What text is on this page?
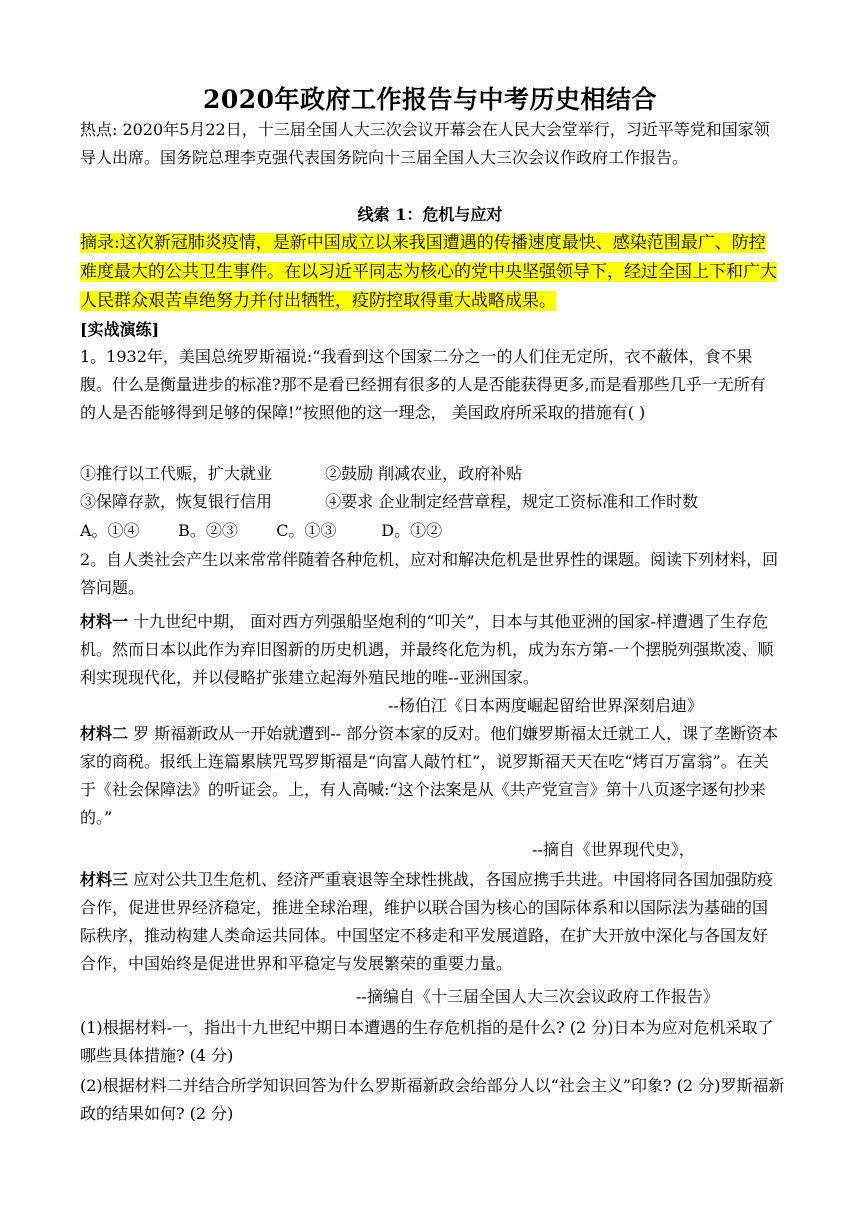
2020年政府工作报告与中考历史相结合
热点: 2020年5月22日，十三届全国人大三次会议开幕会在人民大会堂举行，习近平等党和国家领导人出席。国务院总理李克强代表国务院向十三届全国人大三次会议作政府工作报告。
线索 1：危机与应对
摘录:这次新冠肺炎疫情，是新中国成立以来我国遭遇的传播速度最快、感染范围最广、防控难度最大的公共卫生事件。在以习近平同志为核心的党中央坚强领导下，经过全国上下和广大人民群众艰苦卓绝努力并付出牺牲，疫防控取得重大战略成果。
[实战演练]
1。1932年，美国总统罗斯福说:“我看到这个国家二分之一的人们住无定所，衣不蔽体，食不果腹。什么是衡量进步的标准?那不是看已经拥有很多的人是否能获得更多,而是看那些几乎一无所有的人是否能够得到足够的保障!”按照他的这一理念， 美国政府所采取的措施有( )
①推行以工代赈，扩大就业	②鼓励 削减农业，政府补贴
③保障存款，恢复银行信用	④要求 企业制定经营章程，规定工资标准和工作时数
A。①④ B。②③ C。①③	D。①②
2。自人类社会产生以来常常伴随着各种危机，应对和解决危机是世界性的课题。阅读下列材料，回答问题。
材料一 十九世纪中期， 面对西方列强船坚炮利的“叩关”，日本与其他亚洲的国家-样遭遇了生存危机。然而日本以此作为弃旧图新的历史机遇，并最终化危为机，成为东方第-一个摆脱列强欺凌、顺利实现现代化，并以侵略扩张建立起海外殖民地的唯--亚洲国家。
--杨伯江《日本两度崛起留给世界深刻启迪》
材料二 罗 斯福新政从一开始就遭到-- 部分资本家的反对。他们嫌罗斯福太迁就工人，课了垄断资本家的商税。报纸上连篇累牍咒骂罗斯福是“向富人敲竹杠”，说罗斯福天天在吃“烤百万富翁”。在关于《社会保障法》的听证会。上，有人高喊:“这个法案是从《共产党宣言》第十八页逐字逐句抄来的。”
--摘自《世界现代史》，
材料三 应对公共卫生危机、经济严重衰退等全球性挑战，各国应携手共进。中国将同各国加强防疫合作，促进世界经济稳定，推进全球治理，维护以联合国为核心的国际体系和以国际法为基础的国际秩序，推动构建人类命运共同体。中国坚定不移走和平发展道路，在扩大开放中深化与各国友好合作，中国始终是促进世界和平稳定与发展繁荣的重要力量。
--摘编自《十三届全国人大三次会议政府工作报告》
(1)根据材料-一，指出十九世纪中期日本遭遇的生存危机指的是什么? (2 分)日本为应对危机采取了哪些具体措施? (4 分)
(2)根据材料二并结合所学知识回答为什么罗斯福新政会给部分人以“社会主义”印象? (2 分)罗斯福新政的结果如何? (2 分)
